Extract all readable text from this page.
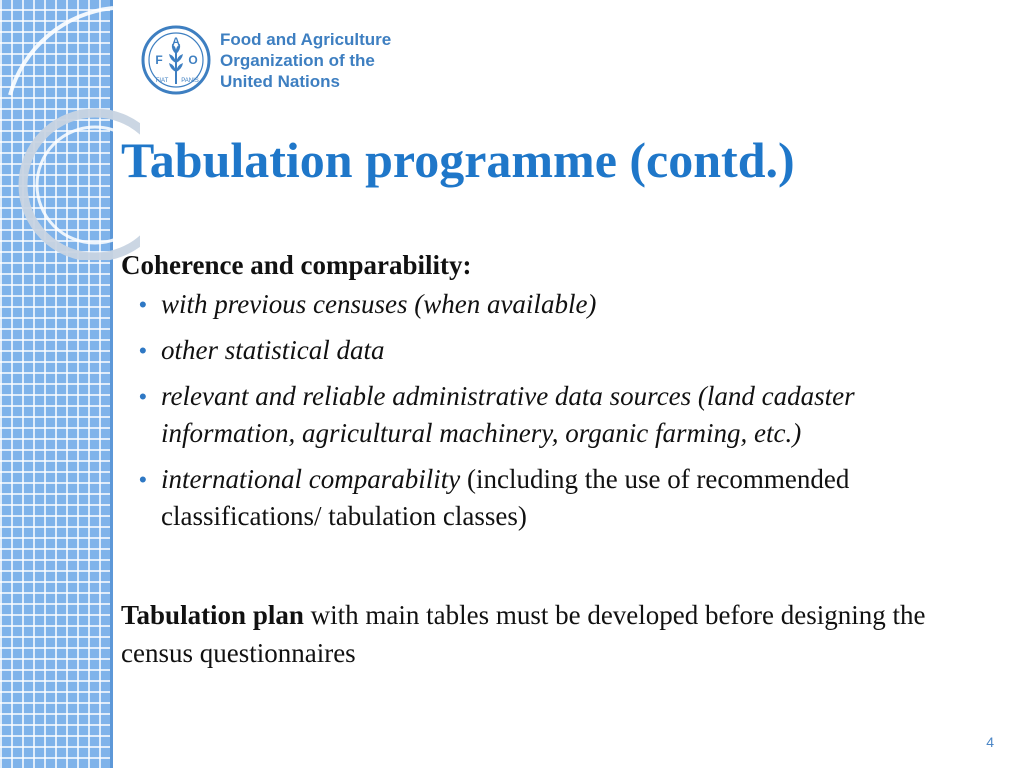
A
F O
FIAT PANIS
Food and Agriculture
Organization of the
United Nations
Tabulation programme (contd.)

Coherence and comparability:

• with previous censuses (when available)
• other statistical data
• relevant and reliable administrative data sources (land cadaster information, agricultural machinery, organic farming, etc.)
• international comparability (including the use of recommended classifications/ tabulation classes)

Tabulation plan with main tables must be developed before designing the census questionnaires

4
